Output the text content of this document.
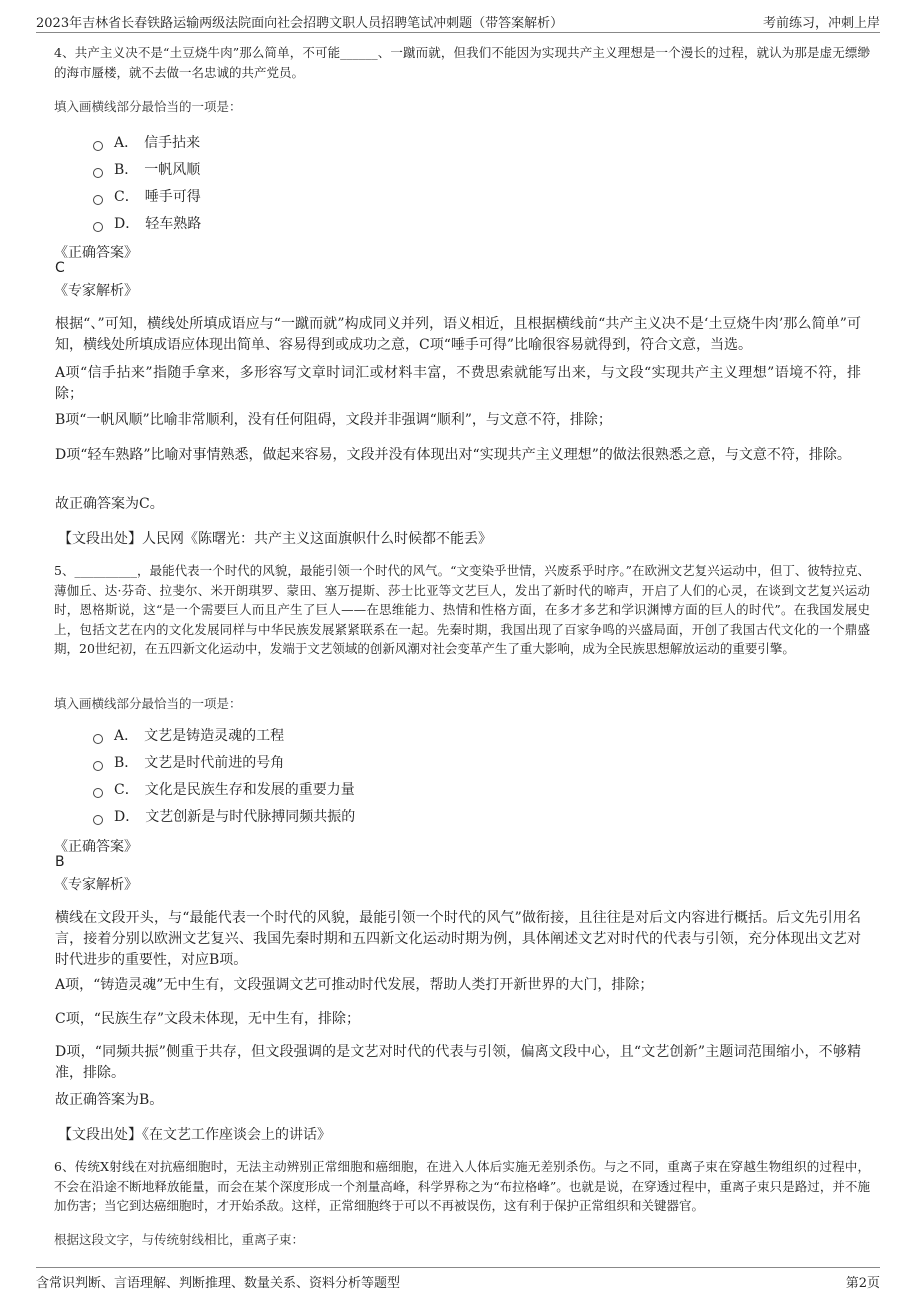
2023年吉林省长春铁路运输两级法院面向社会招聘文职人员招聘笔试冲刺题（带答案解析）	考前练习，冲刺上岸
4、共产主义决不是“土豆烧牛肉”那么简单，不可能______、一蹴而就，但我们不能因为实现共产主义理想是一个漫长的过程，就认为那是虚无缥缈的海市蜃楼，就不去做一名忠诚的共产党员。
填入画横线部分最恰当的一项是：
A． 信手拈来
B． 一帆风顺
C． 唾手可得
D． 轻车熟路
《正确答案》
C
《专家解析》
根据“、”可知，横线处所填成语应与“一蹴而就”构成同义并列，语义相近，且根据横线前“共产主义决不是‘土豆烧牛肉’那么简单”可知，横线处所填成语应体现出简单、容易得到或成功之意，C项“唾手可得”比喻很容易就得到，符合文意，当选。
A项“信手拈来”指随手拿来，多形容写文章时词汇或材料丰富，不费思索就能写出来，与文段“实现共产主义理想”语境不符，排除；
B项“一帆风顺”比喻非常顺利，没有任何阻碍，文段并非强调“顺利”，与文意不符，排除；
D项“轻车熟路”比喻对事情熟悉，做起来容易，文段并没有体现出对“实现共产主义理想”的做法很熟悉之意，与文意不符，排除。
故正确答案为C。
【文段出处】人民网《陈曙光：共产主义这面旗帜什么时候都不能丢》
5、__________，最能代表一个时代的风貌，最能引领一个时代的风气。“文变染乎世情，兴废系乎时序。”在欧洲文艺复兴运动中，但丁、彼特拉克、薄伽丘、达·芬奇、拉斐尔、米开朗琪罗、蒙田、塞万提斯、莎士比亚等文艺巨人，发出了新时代的啼声，开启了人们的心灵，在谈到文艺复兴运动时，恩格斯说，这“是一个需要巨人而且产生了巨人——在思维能力、热情和性格方面，在多才多艺和学识渊博方面的巨人的时代”。在我国发展史上，包括文艺在内的文化发展同样与中华民族发展紧紧联系在一起。先秦时期，我国出现了百家争鸣的兴盛局面，开创了我国古代文化的一个鼎盛期，20世纪初，在五四新文化运动中，发端于文艺领域的创新风潮对社会变革产生了重大影响，成为全民族思想解放运动的重要引擎。
填入画横线部分最恰当的一项是：
A． 文艺是铸造灵魂的工程
B． 文艺是时代前进的号角
C． 文化是民族生存和发展的重要力量
D． 文艺创新是与时代脉搏同频共振的
《正确答案》
B
《专家解析》
横线在文段开头，与“最能代表一个时代的风貌，最能引领一个时代的风气”做衔接，且往往是对后文内容进行概括。后文先引用名言，接着分别以欧洲文艺复兴、我国先秦时期和五四新文化运动时期为例，具体阐述文艺对时代的代表与引领，充分体现出文艺对时代进步的重要性，对应B项。
A项，“铸造灵魂”无中生有，文段强调文艺可推动时代发展，帮助人类打开新世界的大门，排除；
C项，“民族生存”文段未体现，无中生有，排除；
D项，“同频共振”侧重于共存，但文段强调的是文艺对时代的代表与引领，偏离文段中心，且“文艺创新”主题词范围缩小，不够精准，排除。
故正确答案为B。
【文段出处】《在文艺工作座谈会上的讲话》
6、传统X射线在对抗癌细胞时，无法主动辨别正常细胞和癌细胞，在进入人体后实施无差别杀伤。与之不同，重离子束在穿越生物组织的过程中，不会在沿途不断地释放能量，而会在某个深度形成一个剂量高峰，科学界称之为“布拉格峰”。也就是说，在穿透过程中，重离子束只是路过，并不施加伤害；当它到达癌细胞时，才开始杀敌。这样，正常细胞终于可以不再被误伤，这有利于保护正常组织和关键器官。
根据这段文字，与传统射线相比，重离子束：
含常识判断、言语理解、判断推理、数量关系、资料分析等题型	第2页
